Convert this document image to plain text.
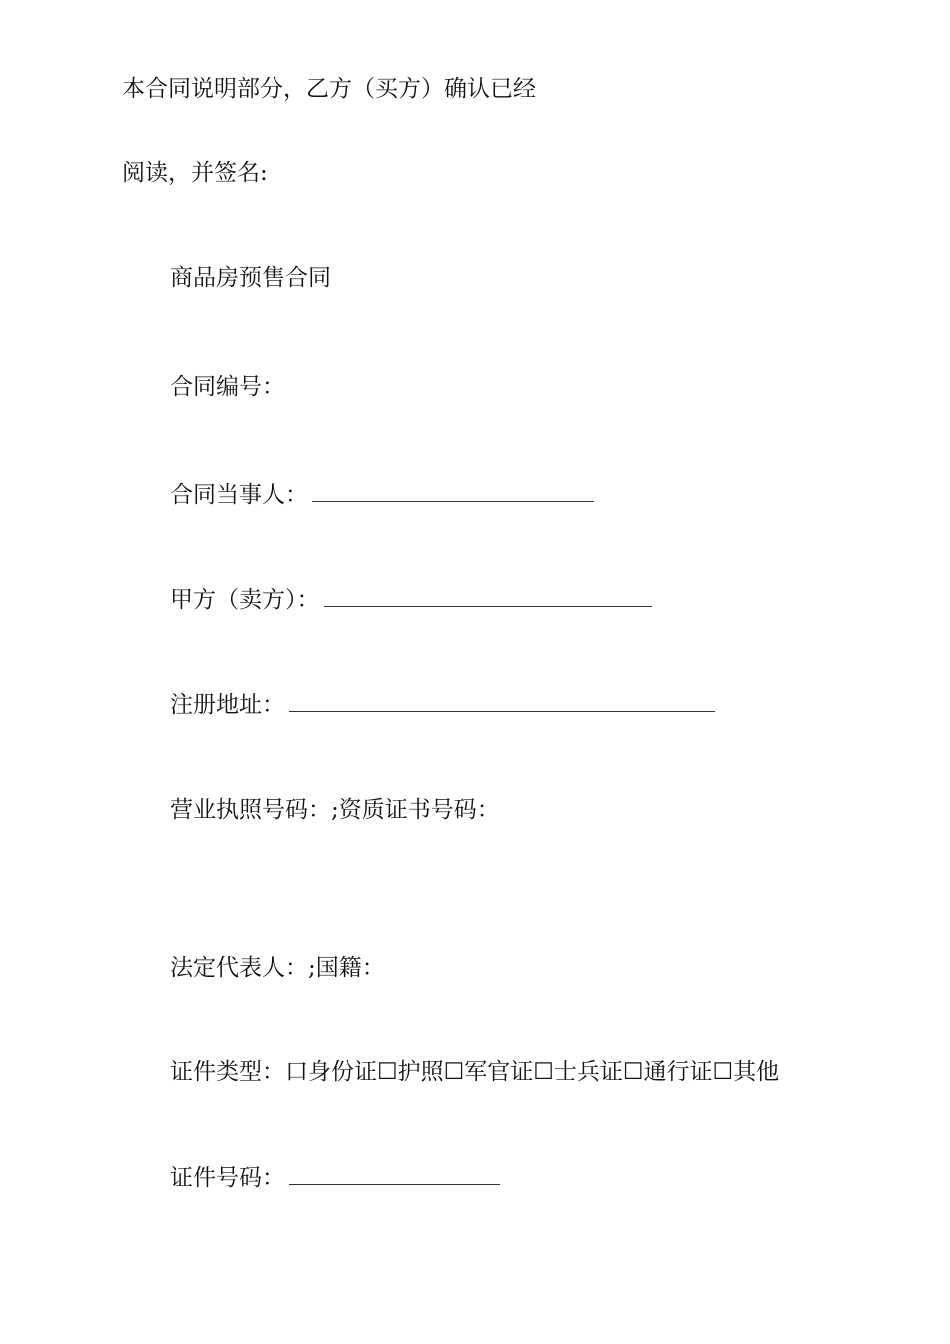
本合同说明部分，乙方（买方）确认已经
阅读，并签名:
商品房预售合同
合同编号：
合同当事人：
甲方（卖方）：
注册地址：
营业执照号码：;资质证书号码：
法定代表人：;国籍：
证件类型：口身份证☐护照☐军官证☐士兵证☐通行证☐其他
证件号码：
